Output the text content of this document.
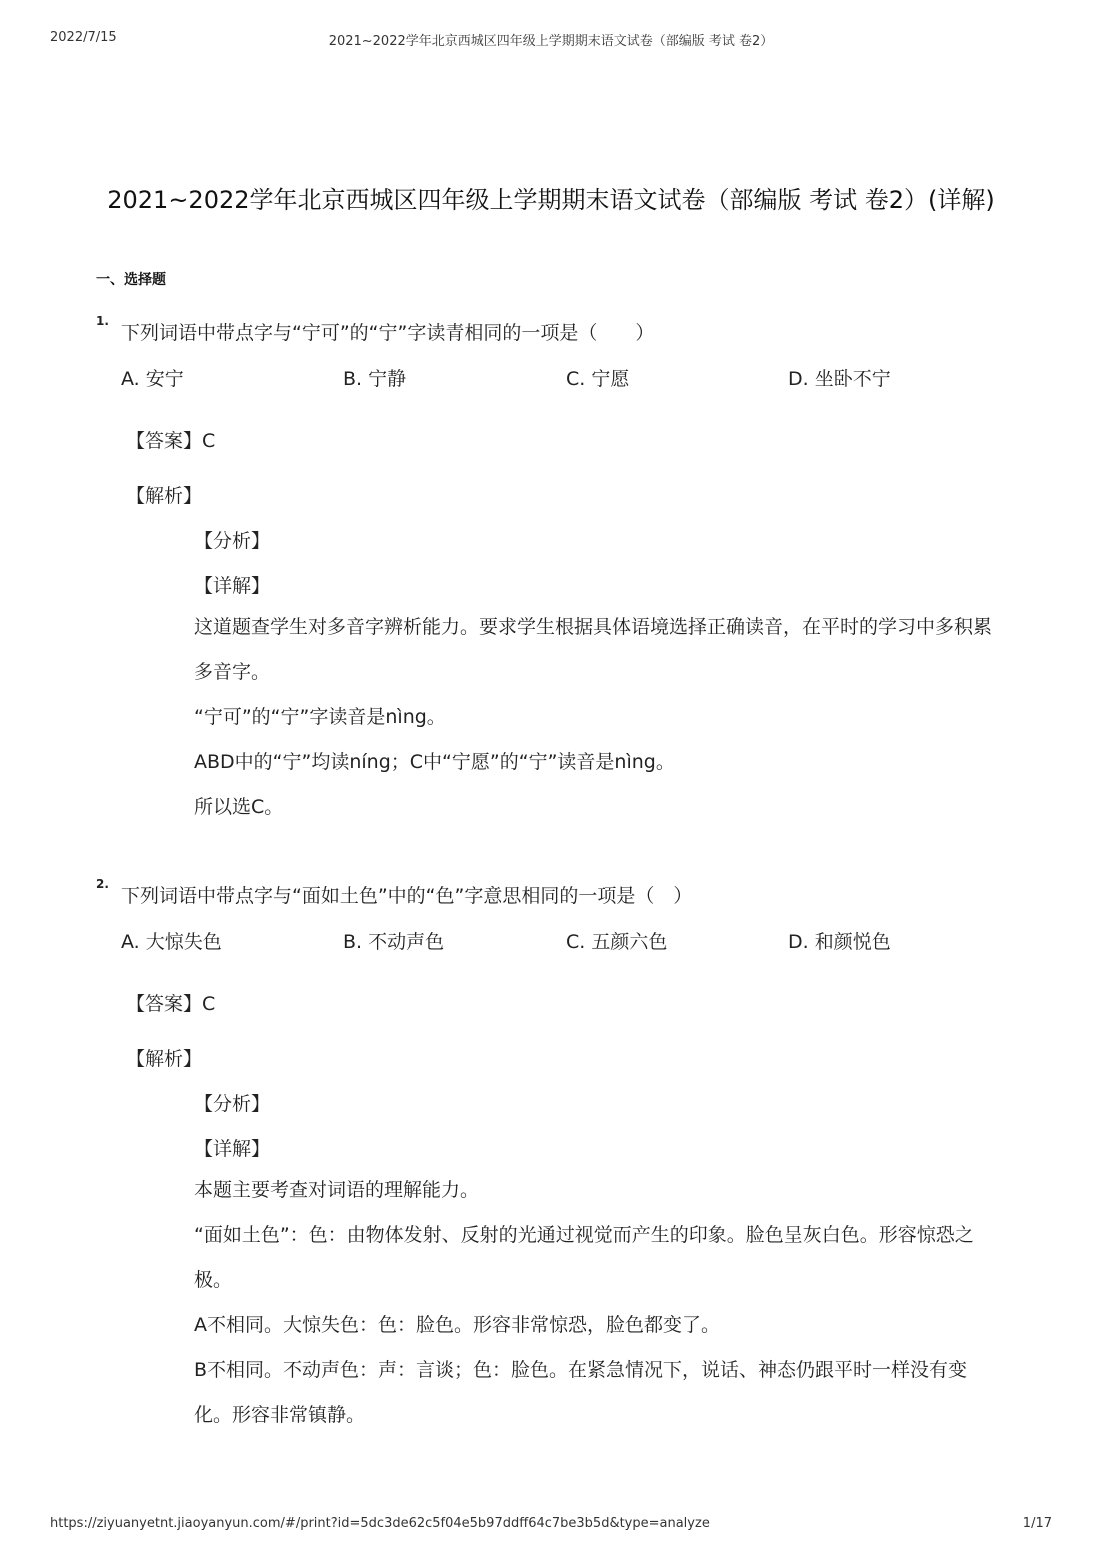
2022/7/15	2021~2022学年北京西城区四年级上学期期末语文试卷（部编版 考试 卷2）
2021~2022学年北京西城区四年级上学期期末语文试卷（部编版 考试 卷2）(详解)
一、选择题
1.
下列词语中带点字与“宁可”的“宁”字读青相同的一项是（　　）
A. 安宁	B. 宁静	C. 宁愿	D. 坐卧不宁
【答案】C
【解析】
【分析】
【详解】
这道题查学生对多音字辨析能力。要求学生根据具体语境选择正确读音，在平时的学习中多积累多音字。
“宁可”的“宁”字读音是nìng。
ABD中的“宁”均读níng；C中“宁愿”的“宁”读音是nìng。
所以选C。
2.
下列词语中带点字与“面如土色”中的“色”字意思相同的一项是（　）
A. 大惊失色	B. 不动声色	C. 五颜六色	D. 和颜悦色
【答案】C
【解析】
【分析】
【详解】
本题主要考查对词语的理解能力。
“面如土色”：色：由物体发射、反射的光通过视觉而产生的印象。脸色呈灰白色。形容惊恐之极。
A不相同。大惊失色：色：脸色。形容非常惊恐，脸色都变了。
B不相同。不动声色：声：言谈；色：脸色。在紧急情况下，说话、神态仍跟平时一样没有变化。形容非常镇静。
https://ziyuanyetnt.jiaoyanyun.com/#/print?id=5dc3de62c5f04e5b97ddff64c7be3b5d&type=analyze	1/17
